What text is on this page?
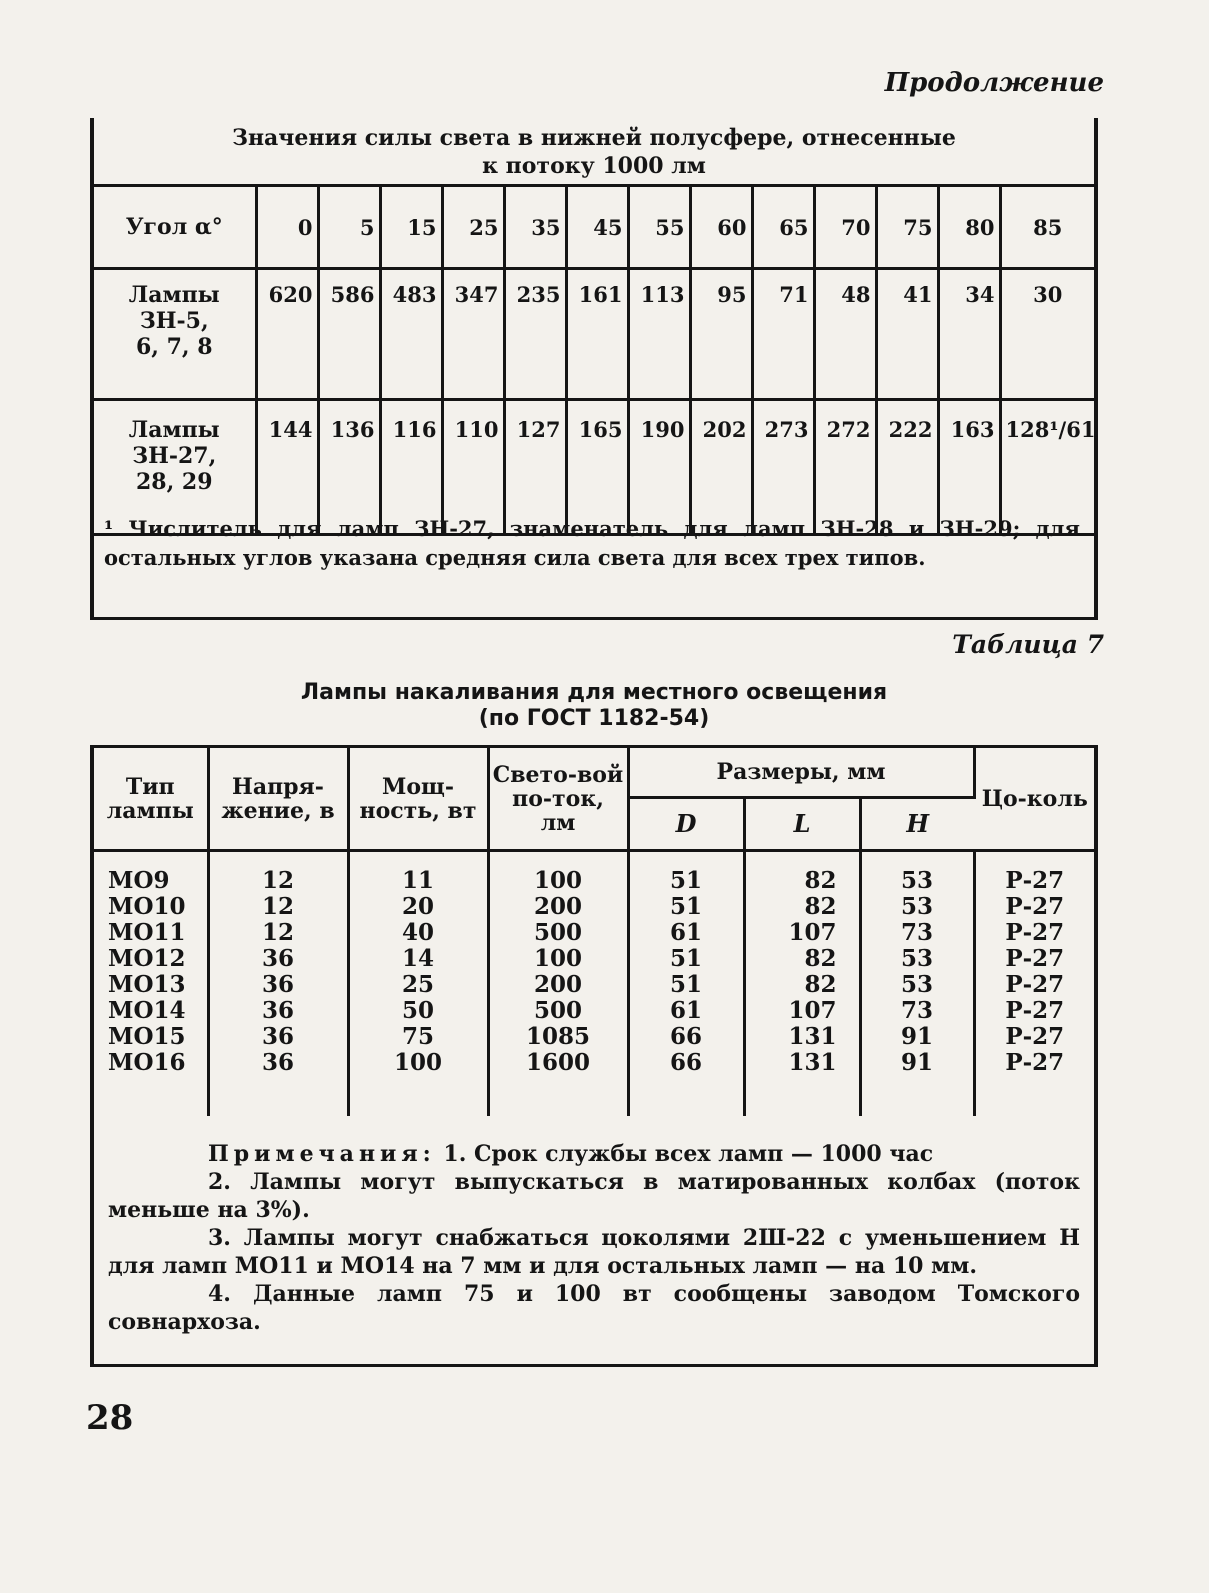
Продолжение
Значения силы света в нижней полусфере, отнесенные
к потоку 1000 лм
Угол α°	0	5	15	25	35	45	55	60	65	70	75	80	85

Лампы
ЗН-5,
6, 7, 8	620	586	483	347	235	161	113	95	71	48	41	34	30

Лампы
ЗН-27,
28, 29	144	136	116	110	127	165	190	202	273	272	222	163	128¹/61
¹ Числитель для ламп ЗН-27, знаменатель для ламп ЗН-28 и ЗН-29; для остальных углов указана средняя сила света для всех трех типов.
Таблица 7
Лампы накаливания для местного освещения
(по ГОСТ 1182-54)
Тип лампы	Напря-жение, в	Мощ-ность, вт	Свето-вой по-ток, лм	Размеры, мм			Цо-коль
				D	L	H	

МО9	12	11	100	51	82	53	Р-27
МО10	12	20	200	51	82	53	Р-27
МО11	12	40	500	61	107	73	Р-27
МО12	36	14	100	51	82	53	Р-27
МО13	36	25	200	51	82	53	Р-27
МО14	36	50	500	61	107	73	Р-27
МО15	36	75	1085	66	131	91	Р-27
МО16	36	100	1600	66	131	91	Р-27

Примечания: 1. Срок службы всех ламп — 1000 час

2. Лампы могут выпускаться в матированных колбах (поток меньше на 3%).

3. Лампы могут снабжаться цоколями 2Ш-22 с уменьшением H для ламп МО11 и МО14 на 7 мм и для остальных ламп — на 10 мм.

4. Данные ламп 75 и 100 вт сообщены заводом Томского совнархоза.

28
